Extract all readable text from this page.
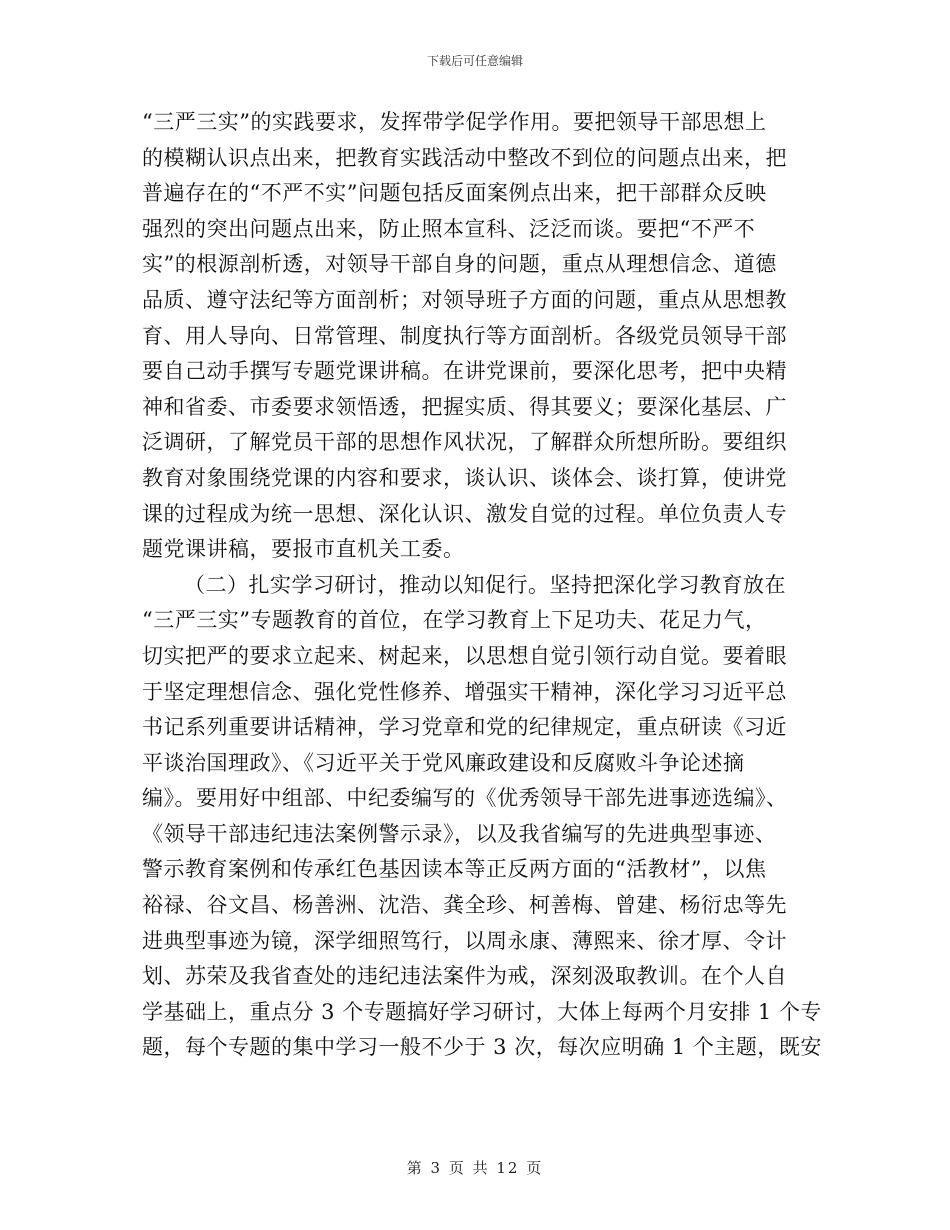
下载后可任意编辑
“三严三实”的实践要求，发挥带学促学作用。要把领导干部思想上
的模糊认识点出来，把教育实践活动中整改不到位的问题点出来，把
普遍存在的“不严不实”问题包括反面案例点出来，把干部群众反映
强烈的突出问题点出来，防止照本宣科、泛泛而谈。要把“不严不
实”的根源剖析透，对领导干部自身的问题，重点从理想信念、道德
品质、遵守法纪等方面剖析；对领导班子方面的问题，重点从思想教
育、用人导向、日常管理、制度执行等方面剖析。各级党员领导干部
要自己动手撰写专题党课讲稿。在讲党课前，要深化思考，把中央精
神和省委、市委要求领悟透，把握实质、得其要义；要深化基层、广
泛调研，了解党员干部的思想作风状况，了解群众所想所盼。要组织
教育对象围绕党课的内容和要求，谈认识、谈体会、谈打算，使讲党
课的过程成为统一思想、深化认识、激发自觉的过程。单位负责人专
题党课讲稿，要报市直机关工委。
（二）扎实学习研讨，推动以知促行。坚持把深化学习教育放在
“三严三实”专题教育的首位，在学习教育上下足功夫、花足力气，
切实把严的要求立起来、树起来，以思想自觉引领行动自觉。要着眼
于坚定理想信念、强化党性修养、增强实干精神，深化学习习近平总
书记系列重要讲话精神，学习党章和党的纪律规定，重点研读《习近
平谈治国理政》、《习近平关于党风廉政建设和反腐败斗争论述摘
编》。要用好中组部、中纪委编写的《优秀领导干部先进事迹选编》、
《领导干部违纪违法案例警示录》，以及我省编写的先进典型事迹、
警示教育案例和传承红色基因读本等正反两方面的“活教材”，以焦
裕禄、谷文昌、杨善洲、沈浩、龚全珍、柯善梅、曾建、杨衍忠等先
进典型事迹为镜，深学细照笃行，以周永康、薄熙来、徐才厚、令计
划、苏荣及我省查处的违纪违法案件为戒，深刻汲取教训。在个人自
学基础上，重点分 3 个专题搞好学习研讨，大体上每两个月安排 1 个专
题，每个专题的集中学习一般不少于 3 次，每次应明确 1 个主题，既安
第 3 页 共 12 页
